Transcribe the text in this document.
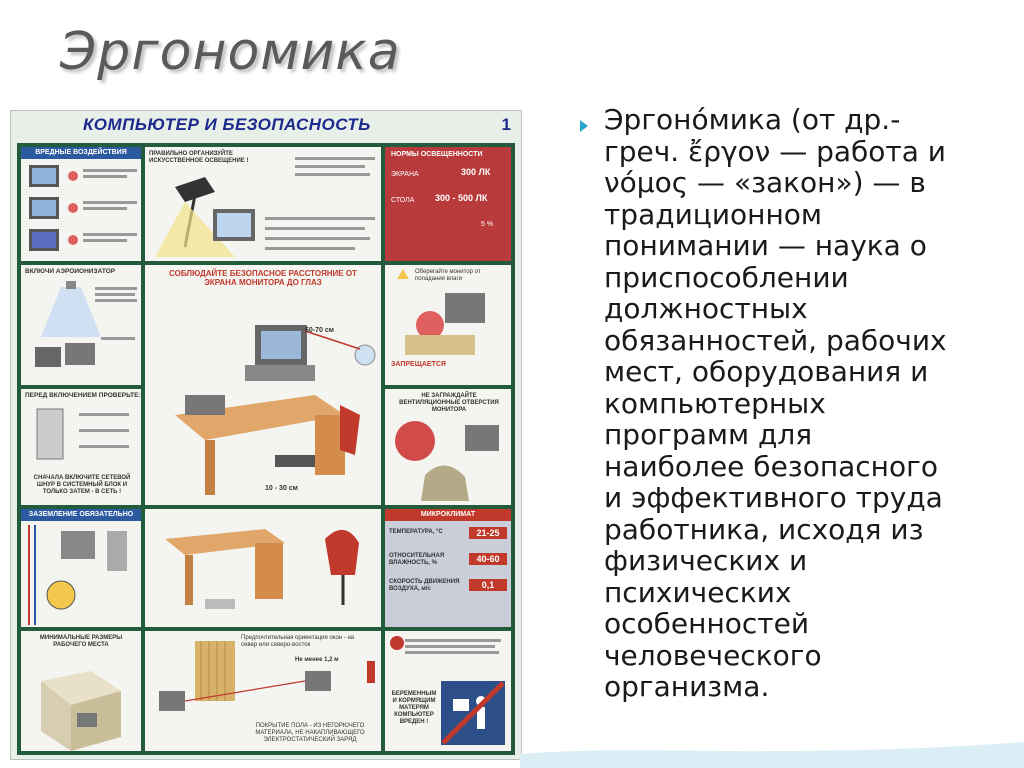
Эргономика
КОМПЬЮТЕР И БЕЗОПАСНОСТЬ	1
ВРЕДНЫЕ ВОЗДЕЙСТВИЯ	ПРАВИЛЬНО ОРГАНИЗУЙТЕ ИСКУССТВЕННОЕ ОСВЕЩЕНИЕ !
НОРМЫ ОСВЕЩЕННОСТИ
ЭКРАНА	300 ЛК
СТОЛА 300 - 500 ЛК
5 %
ВКЛЮЧИ АЭРОИОНИЗАТОР	СОБЛЮДАЙТЕ БЕЗОПАСНОЕ РАССТОЯНИЕ ОТ ЭКРАНА МОНИТОРА ДО ГЛАЗ
60-70 см
10 - 30 см
Оберегайте монитор от попадания влаги
ЗАПРЕЩАЕТСЯ
ПЕРЕД ВКЛЮЧЕНИЕМ ПРОВЕРЬТЕ:
СНАЧАЛА ВКЛЮЧИТЕ СЕТЕВОЙ ШНУР В СИСТЕМНЫЙ БЛОК И ТОЛЬКО ЗАТЕМ - В СЕТЬ !
НЕ ЗАГРАЖДАЙТЕ ВЕНТИЛЯЦИОННЫЕ ОТВЕРСТИЯ МОНИТОРА
ЗАЗЕМЛЕНИЕ ОБЯЗАТЕЛЬНО	МИКРОКЛИМАТ
ТЕМПЕРАТУРА, °С	21-25
ОТНОСИТЕЛЬНАЯ ВЛАЖНОСТЬ, %	40-60
СКОРОСТЬ ДВИЖЕНИЯ ВОЗДУХА, м/с	0,1
МИНИМАЛЬНЫЕ РАЗМЕРЫ РАБОЧЕГО МЕСТА
Предпочтительная ориентация окон - на север или северо-восток
Не менее 1,2 м
ПОКРЫТИЕ ПОЛА - ИЗ НЕГОРЮЧЕГО МАТЕРИАЛА, НЕ НАКАПЛИВАЮЩЕГО ЭЛЕКТРОСТАТИЧЕСКИЙ ЗАРЯД
БЕРЕМЕННЫМ И КОРМЯЩИМ МАТЕРЯМ КОМПЬЮТЕР ВРЕДЕН !

Эргоно́мика (от др.-
греч. ἔργον — работа и
νόμος — «закон») — в
традиционном
понимании — наука о
приспособлении
должностных
обязанностей, рабочих
мест, оборудования и
компьютерных
программ для
наиболее безопасного
и эффективного труда
работника, исходя из
физических и
психических
особенностей
человеческого
организма.
